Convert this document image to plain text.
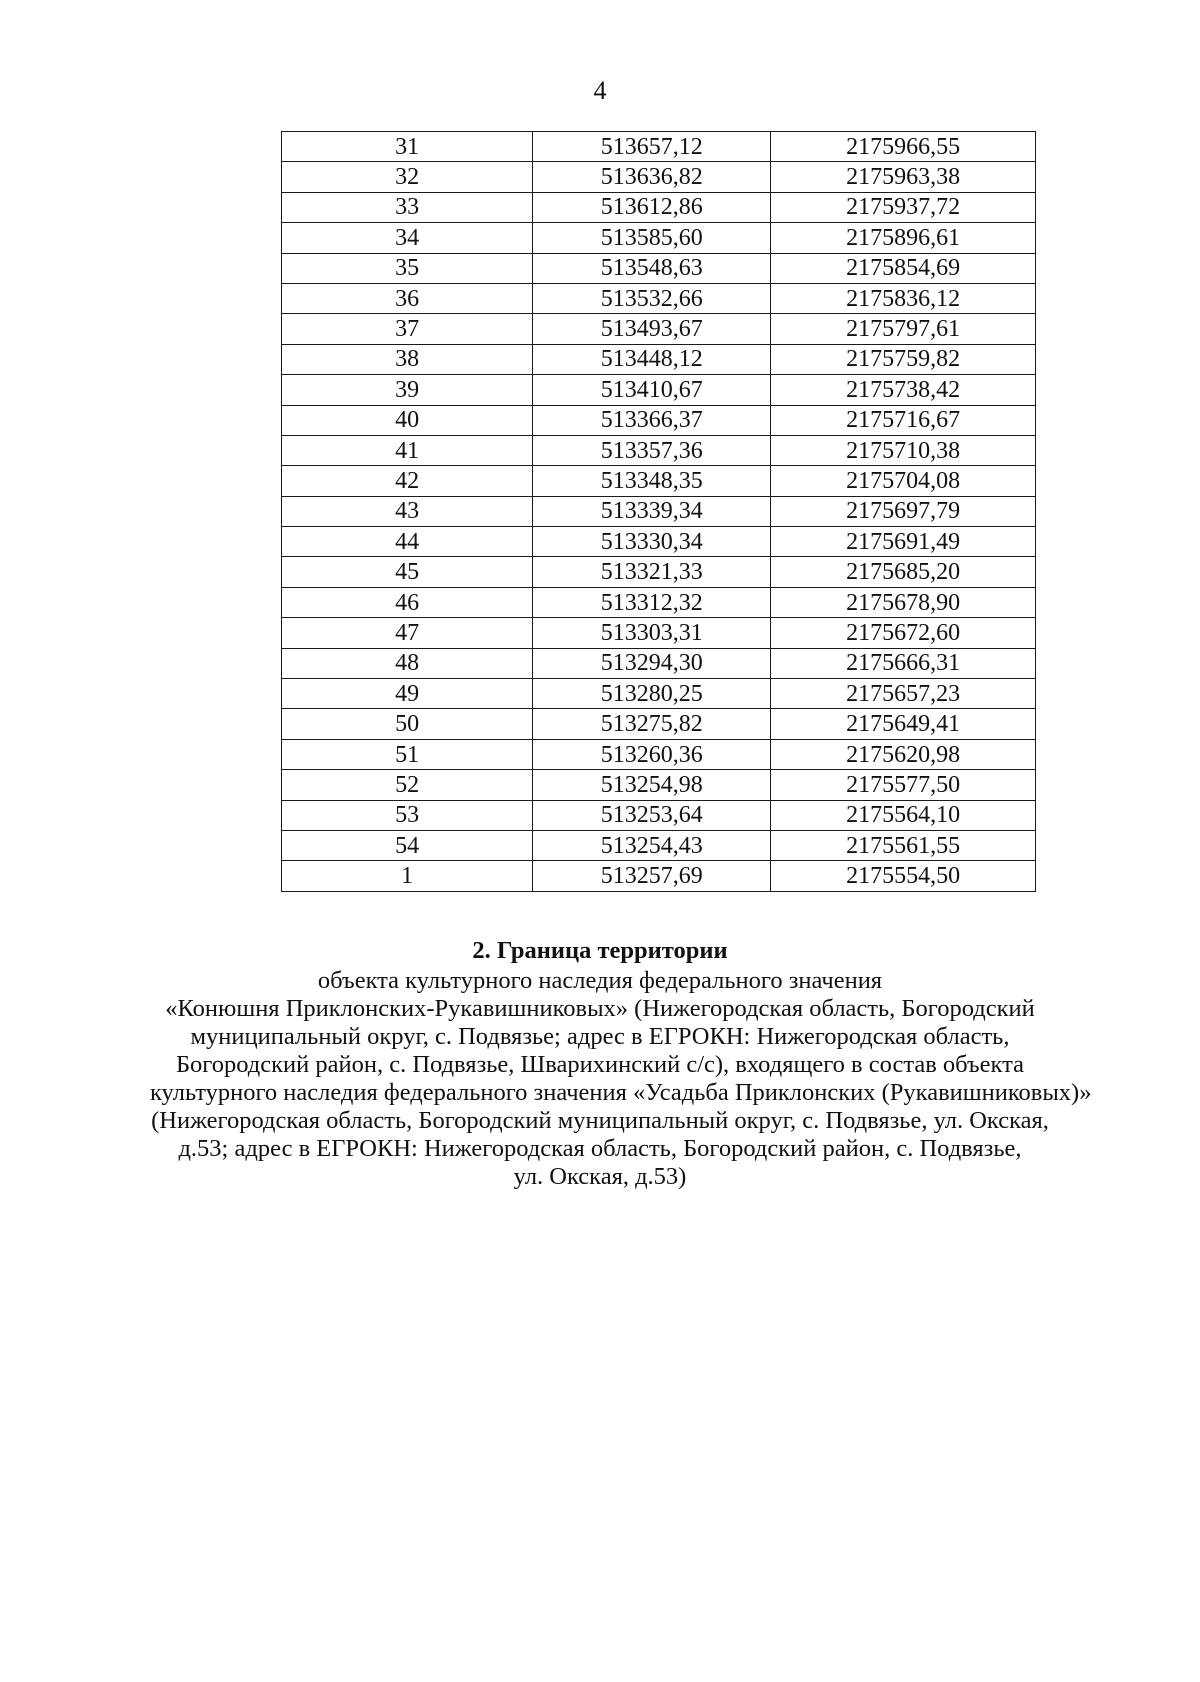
4
31	513657,12	2175966,55
32	513636,82	2175963,38
33	513612,86	2175937,72
34	513585,60	2175896,61
35	513548,63	2175854,69
36	513532,66	2175836,12
37	513493,67	2175797,61
38	513448,12	2175759,82
39	513410,67	2175738,42
40	513366,37	2175716,67
41	513357,36	2175710,38
42	513348,35	2175704,08
43	513339,34	2175697,79
44	513330,34	2175691,49
45	513321,33	2175685,20
46	513312,32	2175678,90
47	513303,31	2175672,60
48	513294,30	2175666,31
49	513280,25	2175657,23
50	513275,82	2175649,41
51	513260,36	2175620,98
52	513254,98	2175577,50
53	513253,64	2175564,10
54	513254,43	2175561,55
1	513257,69	2175554,50
2. Граница территории
объекта культурного наследия федерального значения
«Конюшня Приклонских-Рукавишниковых» (Нижегородская область, Богородский
муниципальный округ, с. Подвязье; адрес в ЕГРОКН: Нижегородская область,
Богородский район, с. Подвязье, Шварихинский с/с), входящего в состав объекта
культурного наследия федерального значения «Усадьба Приклонских (Рукавишниковых)»
(Нижегородская область, Богородский муниципальный округ, с. Подвязье, ул. Окская,
д.53; адрес в ЕГРОКН: Нижегородская область, Богородский район, с. Подвязье,
ул. Окская, д.53)
